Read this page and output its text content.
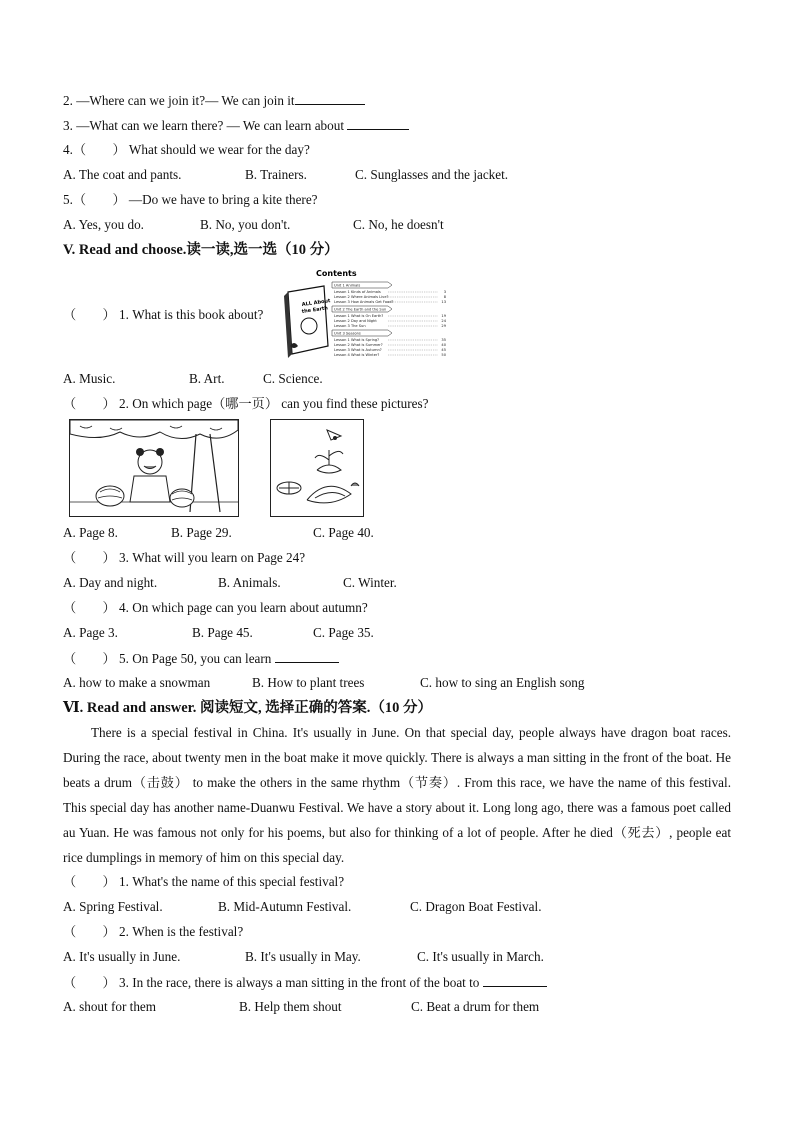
2. —Where can we join it?— We can join it
3. —What can we learn there? — We can learn about
4.（　　） What should we wear for the day?
A. The coat and pants.	B. Trainers.	C. Sunglasses and the jacket.
5.（　　） —Do we have to bring a kite there?
A. Yes, you do.	B. No, you don't.	C. No, he doesn't
V. Read and choose.读一读,选一选（10 分）
（　　） 1. What is this book about?
Contents
ALL About
the Earth
Unit 1 Animals
Lesson 1 Kinds of Animals	3
Lesson 2 Where Animals Live?	8
Lesson 3 How Animals Get Food?	13
Unit 2 The Earth and the Sun
Lesson 1 What is On Earth?	19
Lesson 2 Day and Night	24
Lesson 3 The Sun	29
Unit 3 Seasons
Lesson 1 What is Spring?	35
Lesson 2 What is Summer?	40
Lesson 3 What is Autumn?	45
Lesson 4 What is Winter?	50
A. Music.	B. Art.	C. Science.
（　　） 2. On which page（哪一页） can you find these pictures?
A. Page 8.	B. Page 29.	C. Page 40.
（　　） 3. What will you learn on Page 24?
A. Day and night.	B. Animals.	C. Winter.
（　　） 4. On which page can you learn about autumn?
A. Page 3.	B. Page 45.	C. Page 35.
（　　） 5. On Page 50, you can learn
A. how to make a snowman	B. How to plant trees	C. how to sing an English song
Ⅵ. Read and answer. 阅读短文, 选择正确的答案.（10 分）
There is a special festival in China. It's usually in June. On that special day, people always have dragon boat races. During the race, about twenty men in the boat make it move quickly. There is always a man sitting in the front of the boat. He beats a drum（击鼓） to make the others in the same rhythm（节奏）. From this race, we have the name of this festival. This special day has another name-Duanwu Festival. We have a story about it. Long long ago, there was a famous poet called au Yuan. He was famous not only for his poems, but also for thinking of a lot of people. After he died（死去）, people eat rice dumplings in memory of him on this special day.
（　　） 1. What's the name of this special festival?
A. Spring Festival.	B. Mid-Autumn Festival.	C. Dragon Boat Festival.
（　　） 2. When is the festival?
A. It's usually in June.	B. It's usually in May.	C. It's usually in March.
（　　） 3. In the race, there is always a man sitting in the front of the boat to
A. shout for them	B. Help them shout	C. Beat a drum for them
